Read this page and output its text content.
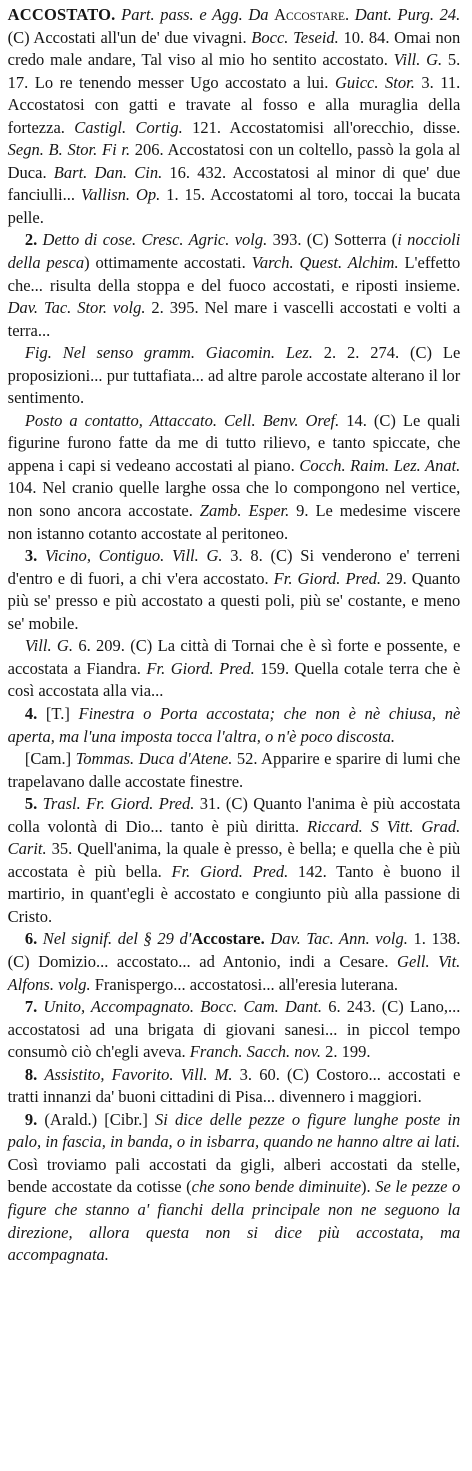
ACCOSTATO. Part. pass. e Agg. Da Accostare. Dant. Purg. 24. (C) Accostati all'un de' due vivagni. Bocc. Teseid. 10. 84. Omai non credo male andare, Tal viso al mio ho sentito accostato. Vill. G. 5. 17. Lo re tenendo messer Ugo accostato a lui. Guicc. Stor. 3. 11. Accostatosi con gatti e travate al fosso e alla muraglia della fortezza. Castigl. Cortig. 121. Accostatomisi all'orecchio, disse. Segn. B. Stor. Fi r. 206. Accostatosi con un coltello, passò la gola al Duca. Bart. Dan. Cin. 16. 432. Accostatosi al minor di que' due fanciulli... Vallisn. Op. 1. 15. Accostatomi al toro, toccai la bucata pelle.

2. Detto di cose. Cresc. Agric. volg. 393. (C) Sotterra (i noccioli della pesca) ottimamente accostati. Varch. Quest. Alchim. L'effetto che... risulta della stoppa e del fuoco accostati, e riposti insieme. Dav. Tac. Stor. volg. 2. 395. Nel mare i vascelli accostati e volti a terra...

Fig. Nel senso gramm. Giacomin. Lez. 2. 2. 274. (C) Le proposizioni... pur tuttafiata... ad altre parole accostate alterano il lor sentimento.

Posto a contatto, Attaccato. Cell. Benv. Oref. 14. (C) Le quali figurine furono fatte da me di tutto rilievo, e tanto spiccate, che appena i capi si vedeano accostati al piano. Cocch. Raim. Lez. Anat. 104. Nel cranio quelle larghe ossa che lo compongono nel vertice, non sono ancora accostate. Zamb. Esper. 9. Le medesime viscere non istanno cotanto accostate al peritoneo.

3. Vicino, Contiguo. Vill. G. 3. 8. (C) Si venderono e' terreni d'entro e di fuori, a chi v'era accostato. Fr. Giord. Pred. 29. Quanto più se' presso e più accostato a questi poli, più se' costante, e meno se' mobile.

Vill. G. 6. 209. (C) La città di Tornai che è sì forte e possente, e accostata a Fiandra. Fr. Giord. Pred. 159. Quella cotale terra che è così accostata alla via...

4. [T.] Finestra o Porta accostata; che non è nè chiusa, nè aperta, ma l'una imposta tocca l'altra, o n'è poco discosta.

[Cam.] Tommas. Duca d'Atene. 52. Apparire e sparire di lumi che trapelavano dalle accostate finestre.

5. Trasl. Fr. Giord. Pred. 31. (C) Quanto l'anima è più accostata colla volontà di Dio... tanto è più diritta. Riccard. S Vitt. Grad. Carit. 35. Quell'anima, la quale è presso, è bella; e quella che è più accostata è più bella. Fr. Giord. Pred. 142. Tanto è buono il martirio, in quant'egli è accostato e congiunto più alla passione di Cristo.

6. Nel signif. del § 29 d'Accostare. Dav. Tac. Ann. volg. 1. 138. (C) Domizio... accostato... ad Antonio, indi a Cesare. Gell. Vit. Alfons. volg. Franispergo... accostatosi... all'eresia luterana.

7. Unito, Accompagnato. Bocc. Cam. Dant. 6. 243. (C) Lano,... accostatosi ad una brigata di giovani sanesi... in piccol tempo consumò ciò ch'egli aveva. Franch. Sacch. nov. 2. 199.

8. Assistito, Favorito. Vill. M. 3. 60. (C) Costoro... accostati e tratti innanzi da' buoni cittadini di Pisa... divennero i maggiori.

9. (Arald.) [Cibr.] Si dice delle pezze o figure lunghe poste in palo, in fascia, in banda, o in isbarra, quando ne hanno altre ai lati. Così troviamo pali accostati da gigli, alberi accostati da stelle, bende accostate da cotisse (che sono bende diminuite). Se le pezze o figure che stanno a' fianchi della principale non ne seguono la direzione, allora questa non si dice più accostata, ma accompagnata.
